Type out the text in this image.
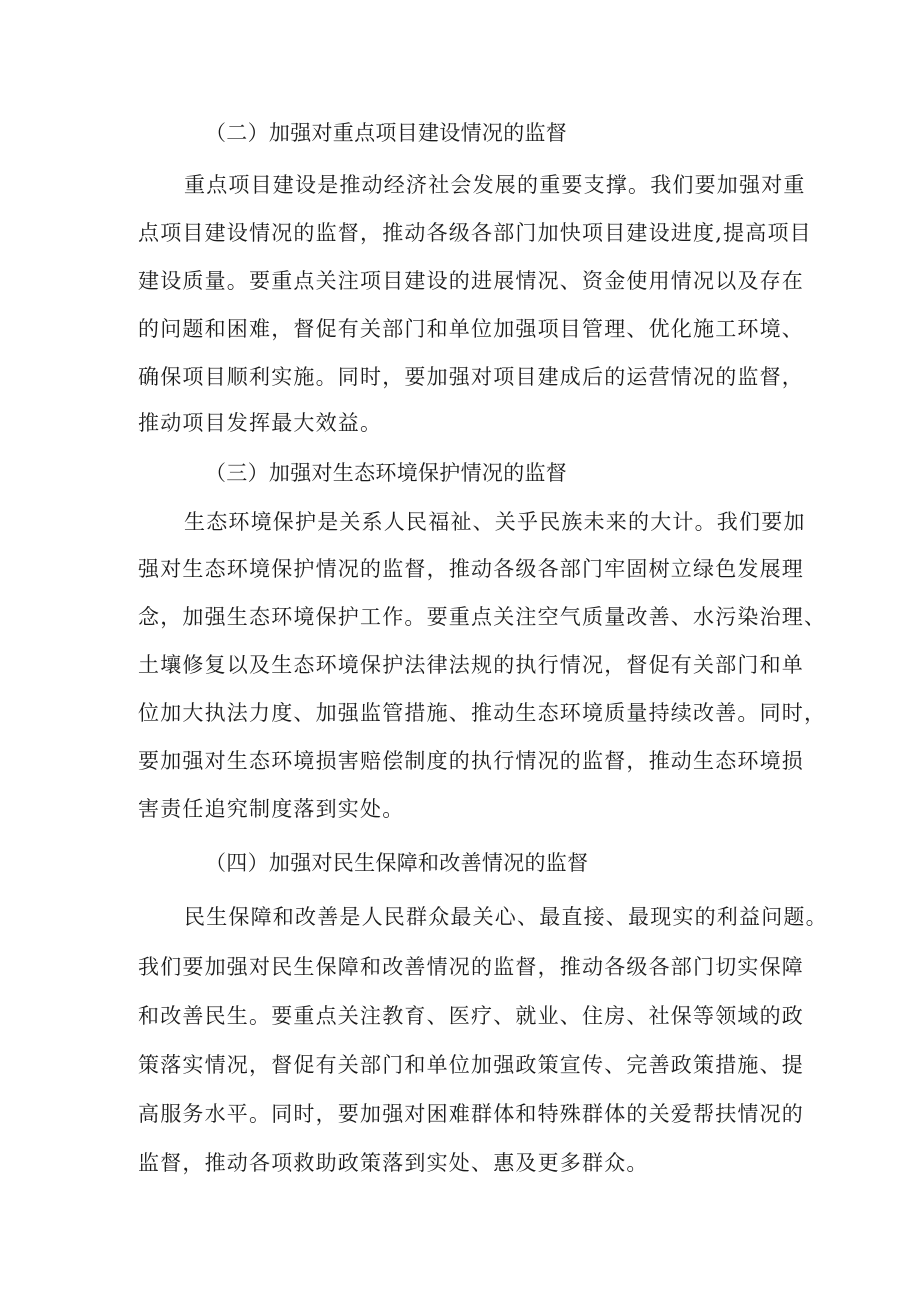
（二）加强对重点项目建设情况的监督
重点项目建设是推动经济社会发展的重要支撑。我们要加强对重
点项目建设情况的监督，推动各级各部门加快项目建设进度,提高项目
建设质量。要重点关注项目建设的进展情况、资金使用情况以及存在
的问题和困难，督促有关部门和单位加强项目管理、优化施工环境、
确保项目顺利实施。同时，要加强对项目建成后的运营情况的监督，
推动项目发挥最大效益。
（三）加强对生态环境保护情况的监督
生态环境保护是关系人民福祉、关乎民族未来的大计。我们要加
强对生态环境保护情况的监督，推动各级各部门牢固树立绿色发展理
念，加强生态环境保护工作。要重点关注空气质量改善、水污染治理、
土壤修复以及生态环境保护法律法规的执行情况，督促有关部门和单
位加大执法力度、加强监管措施、推动生态环境质量持续改善。同时，
要加强对生态环境损害赔偿制度的执行情况的监督，推动生态环境损
害责任追究制度落到实处。
（四）加强对民生保障和改善情况的监督
民生保障和改善是人民群众最关心、最直接、最现实的利益问题。
我们要加强对民生保障和改善情况的监督，推动各级各部门切实保障
和改善民生。要重点关注教育、医疗、就业、住房、社保等领域的政
策落实情况，督促有关部门和单位加强政策宣传、完善政策措施、提
高服务水平。同时，要加强对困难群体和特殊群体的关爱帮扶情况的
监督，推动各项救助政策落到实处、惠及更多群众。
